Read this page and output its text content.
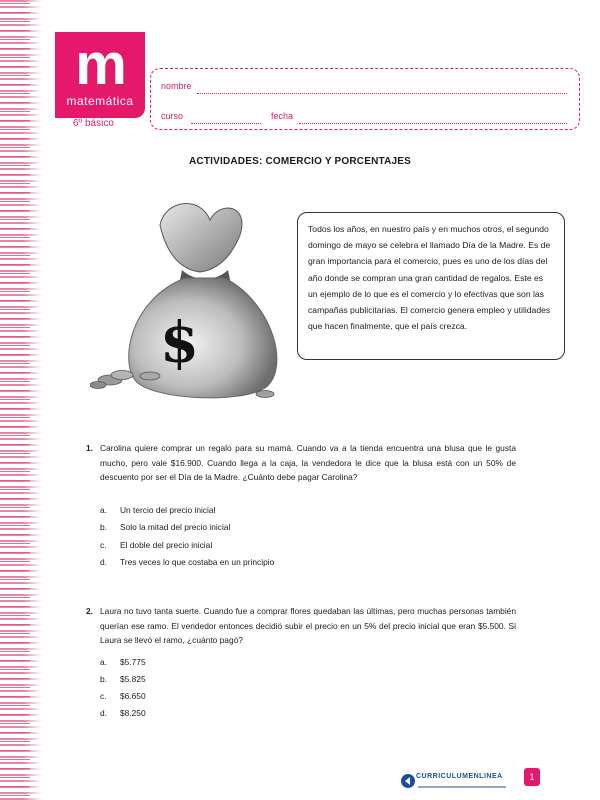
m
matemática
6º básico
nombre
curso	fecha
ACTIVIDADES: COMERCIO Y PORCENTAJES
$
Todos los años, en nuestro país y en muchos otros, el segundo domingo de mayo se celebra el llamado Día de la Madre. Es de gran importancia para el comercio, pues es uno de los días del año donde se compran una gran cantidad de regalos. Este es un ejemplo de lo que es el comercio y lo efectivas que son las campañas publicitarias. El comercio genera empleo y utilidades que hacen finalmente, que el país crezca.
1. Carolina quiere comprar un regalo para su mamá. Cuando va a la tienda encuentra una blusa que le gusta mucho, pero vale $16.900. Cuando llega a la caja, la vendedora le dice que la blusa está con un 50% de descuento por ser el Día de la Madre. ¿Cuánto debe pagar Carolina?
a. Un tercio del precio inicial
b. Solo la mitad del precio inicial
c. El doble del precio inicial
d. Tres veces lo que costaba en un principio
2. Laura no tuvo tanta suerte. Cuando fue a comprar flores quedaban las últimas, pero muchas personas también querían ese ramo. El vendedor entonces decidió subir el precio en un 5% del precio inicial que eran $5.500. Si Laura se llevó el ramo, ¿cuánto pagó?
a. $5.775
b. $5.825
c. $6.650
d. $8.250
CURRICULUMENLINEA	1
